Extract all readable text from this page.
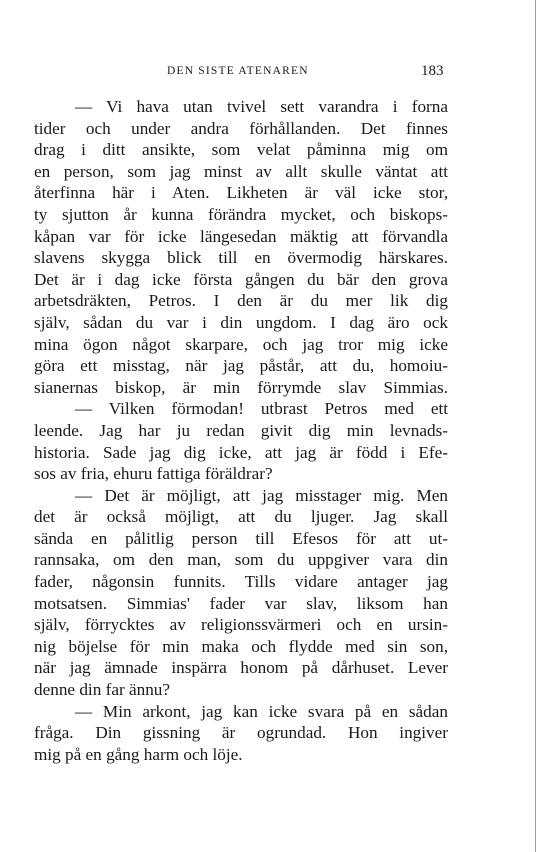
DEN SISTE ATENAREN	183
— Vi hava utan tvivel sett varandra i forna
tider och under andra förhållanden. Det finnes
drag i ditt ansikte, som velat påminna mig om
en person, som jag minst av allt skulle väntat att
återfinna här i Aten. Likheten är väl icke stor,
ty sjutton år kunna förändra mycket, och biskops-
kåpan var för icke längesedan mäktig att förvandla
slavens skygga blick till en övermodig härskares.
Det är i dag icke första gången du bär den grova
arbetsdräkten, Petros. I den är du mer lik dig
själv, sådan du var i din ungdom. I dag äro ock
mina ögon något skarpare, och jag tror mig icke
göra ett misstag, när jag påstår, att du, homoiu-
sianernas biskop, är min förrymde slav Simmias.
— Vilken förmodan! utbrast Petros med ett
leende. Jag har ju redan givit dig min levnads-
historia. Sade jag dig icke, att jag är född i Efe-
sos av fria, ehuru fattiga föräldrar?
— Det är möjligt, att jag misstager mig. Men
det är också möjligt, att du ljuger. Jag skall
sända en pålitlig person till Efesos för att ut-
rannsaka, om den man, som du uppgiver vara din
fader, någonsin funnits. Tills vidare antager jag
motsatsen. Simmias' fader var slav, liksom han
själv, förrycktes av religionssvärmeri och en ursin-
nig böjelse för min maka och flydde med sin son,
när jag ämnade inspärra honom på dårhuset. Lever
denne din far ännu?
— Min arkont, jag kan icke svara på en sådan
fråga. Din gissning är ogrundad. Hon ingiver
mig på en gång harm och löje.
